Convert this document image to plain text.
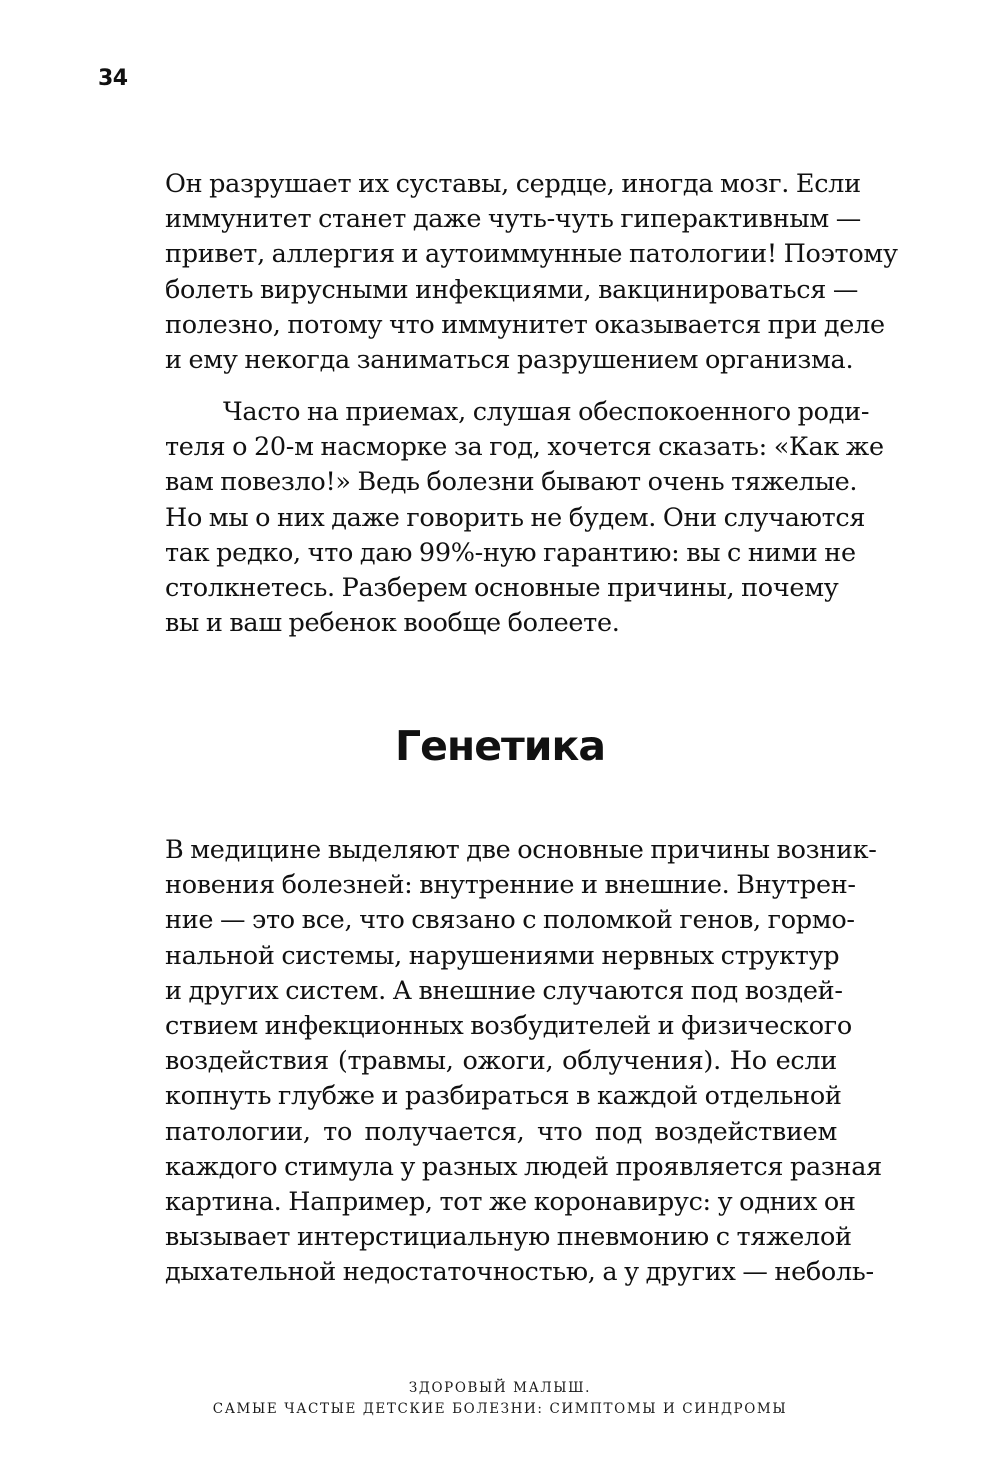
34
Он разрушает их суставы, сердце, иногда мозг. Если
иммунитет станет даже чуть-чуть гиперактивным —
привет, аллергия и аутоиммунные патологии! Поэтому
болеть вирусными инфекциями, вакцинироваться —
полезно, потому что иммунитет оказывается при деле
и ему некогда заниматься разрушением организма.
Часто на приемах, слушая обеспокоенного роди-
теля о 20-м насморке за год, хочется сказать: «Как же
вам повезло!» Ведь болезни бывают очень тяжелые.
Но мы о них даже говорить не будем. Они случаются
так редко, что даю 99%-ную гарантию: вы с ними не
столкнетесь. Разберем основные причины, почему
вы и ваш ребенок вообще болеете.
Генетика
В медицине выделяют две основные причины возник-
новения болезней: внутренние и внешние. Внутрен-
ние — это все, что связано с поломкой генов, гормо-
нальной системы, нарушениями нервных структур
и других систем. А внешние случаются под воздей-
ствием инфекционных возбудителей и физического
воздействия (травмы, ожоги, облучения). Но если
копнуть глубже и разбираться в каждой отдельной
патологии, то получается, что под воздействием
каждого стимула у разных людей проявляется разная
картина. Например, тот же коронавирус: у одних он
вызывает интерстициальную пневмонию с тяжелой
дыхательной недостаточностью, а у других — неболь-
ЗДОРОВЫЙ МАЛЫШ.
САМЫЕ ЧАСТЫЕ ДЕТСКИЕ БОЛЕЗНИ: СИМПТОМЫ И СИНДРОМЫ
